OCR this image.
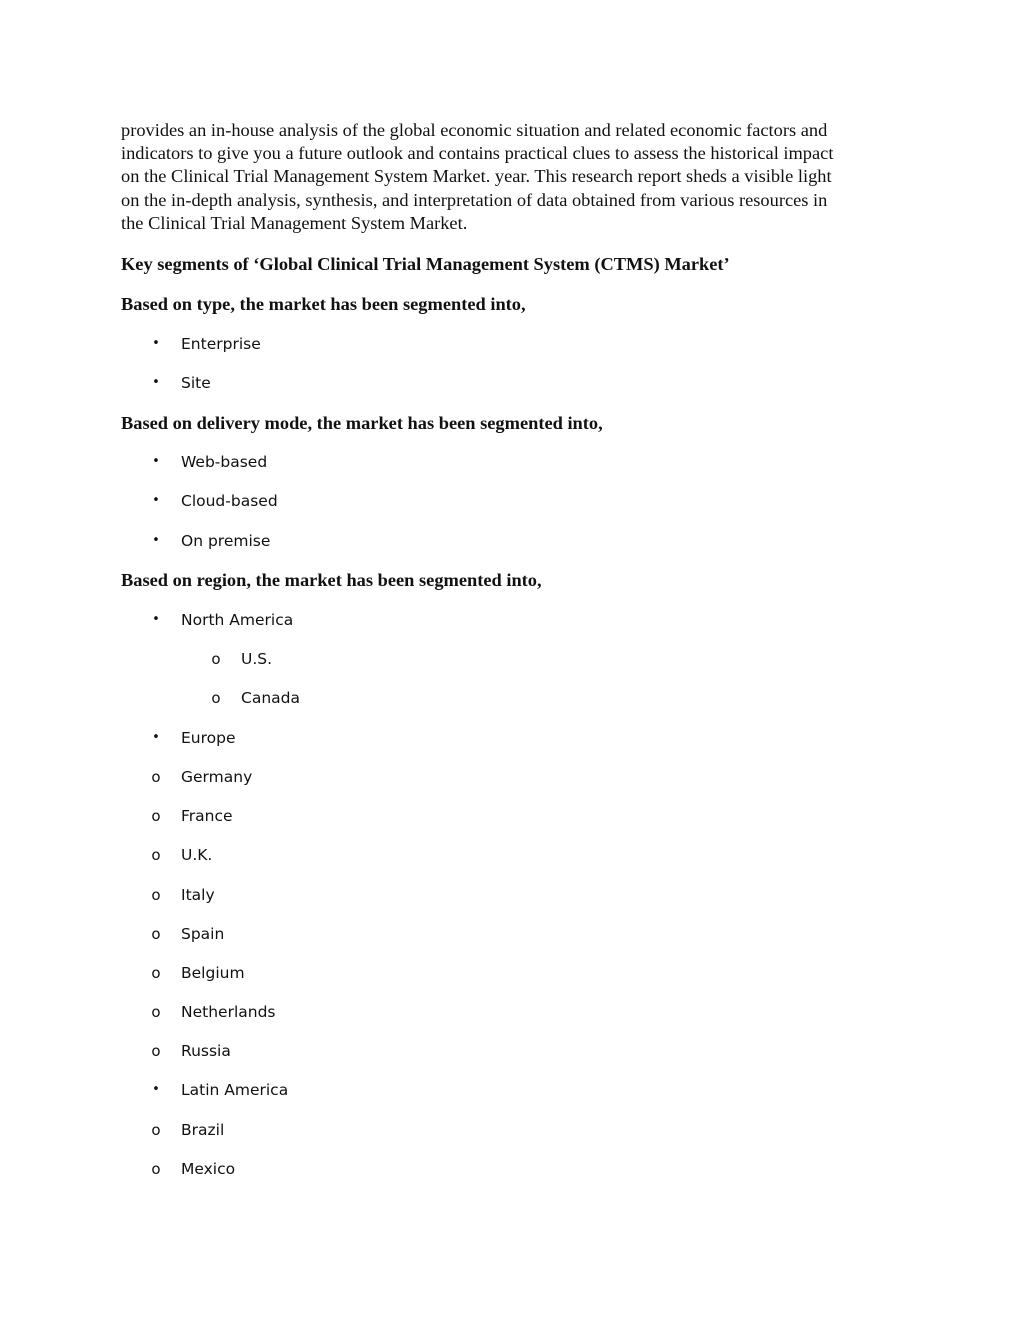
provides an in-house analysis of the global economic situation and related economic factors and
indicators to give you a future outlook and contains practical clues to assess the historical impact
on the Clinical Trial Management System Market. year. This research report sheds a visible light
on the in-depth analysis, synthesis, and interpretation of data obtained from various resources in
the Clinical Trial Management System Market.

Key segments of ‘Global Clinical Trial Management System (CTMS) Market’
Based on type, the market has been segmented into,
•	Enterprise
•	Site
Based on delivery mode, the market has been segmented into,
•	Web-based
•	Cloud-based
•	On premise
Based on region, the market has been segmented into,
•	North America
o	U.S.
o	Canada
•	Europe
o	Germany
o	France
o	U.K.
o	Italy
o	Spain
o	Belgium
o	Netherlands
o	Russia
•	Latin America
o	Brazil
o	Mexico
